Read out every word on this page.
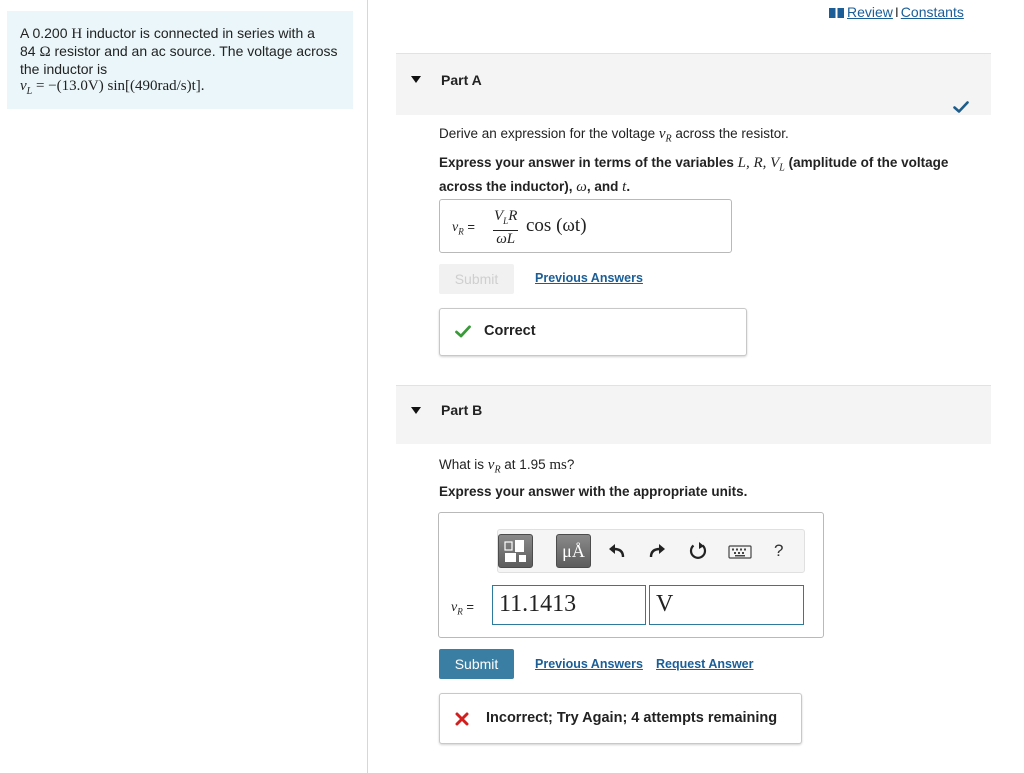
A 0.200 H inductor is connected in series with a
84 Ω resistor and an ac source. The voltage across
the inductor is
$v_L = -(13.0V)$ sin[(490rad/s)t].
Review I Constants
Part A
Derive an expression for the voltage $v_R$ across the resistor.
Express your answer in terms of the variables L, R, $V_L$ (amplitude of the voltage
across the inductor), ω, and t.
$v_R$ =
$V_LR$
ωL
cos (ωt)
Submit	Previous Answers
Correct
Part B
What is $v_R$ at 1.95 ms?
Express your answer with the appropriate units.
μÅ	?
$v_R = 11.1413$	V
Submit	Previous Answers Request Answer
Incorrect; Try Again; 4 attempts remaining
